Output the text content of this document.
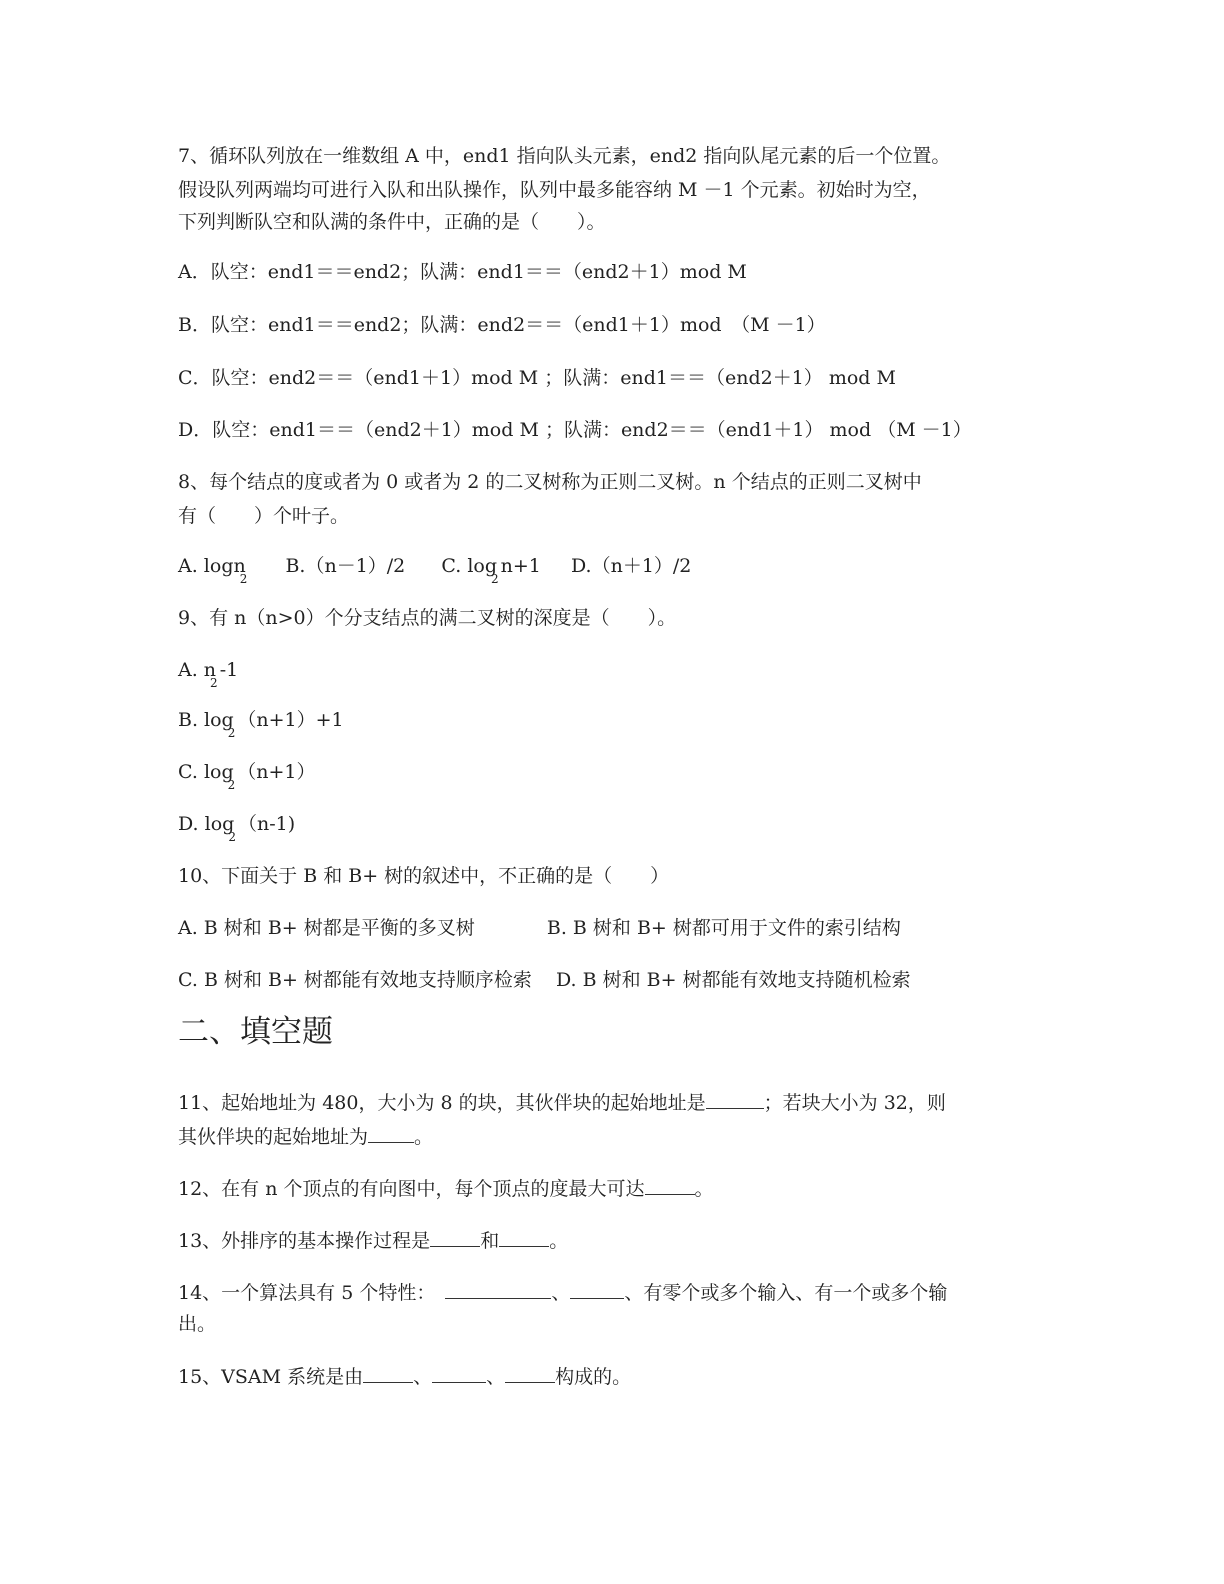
7、循环队列放在一维数组 A 中，end1 指向队头元素，end2 指向队尾元素的后一个位置。
假设队列两端均可进行入队和出队操作，队列中最多能容纳 M －1 个元素。初始时为空，
下列判断队空和队满的条件中，正确的是（　　）。
A．队空：end1＝＝end2；队满：end1＝＝（end2＋1）mod M
B．队空：end1＝＝end2；队满：end2＝＝（end1＋1）mod　（M －1）
C．队空：end2＝＝（end1＋1）mod M ；队满：end1＝＝（end2＋1） mod M
D．队空：end1＝＝（end2＋1）mod M ；队满：end2＝＝（end1＋1） mod （M －1）
8、每个结点的度或者为 0 或者为 2 的二叉树称为正则二叉树。n 个结点的正则二叉树中
有（　　）个叶子。
A. logn$_2$  B.（n－1）/2 C. $\log_2n+1$ D.（n＋1）/2
9、有 n（n>0）个分支结点的满二叉树的深度是（　　）。
A. $n_2-1$
B. $\log_2(n+1)+1$
C. $\log_2(n+1)$
D. $\log_2(n-1)$
10、下面关于 B 和 B+ 树的叙述中，不正确的是（　　）
A. B 树和 B+ 树都是平衡的多叉树	B. B 树和 B+ 树都可用于文件的索引结构
C. B 树和 B+ 树都能有效地支持顺序检索 D. B 树和 B+ 树都能有效地支持随机检索
二、填空题
11、起始地址为 480，大小为 8 的块，其伙伴块的起始地址是	；若块大小为 32，则
其伙伴块的起始地址为 。
12、在有 n 个顶点的有向图中，每个顶点的度最大可达	。
13、外排序的基本操作过程是	和	。
14、一个算法具有 5 个特性：	、	、有零个或多个输入、有一个或多个输
出。
15、VSAM 系统是由	、	、	构成的。
